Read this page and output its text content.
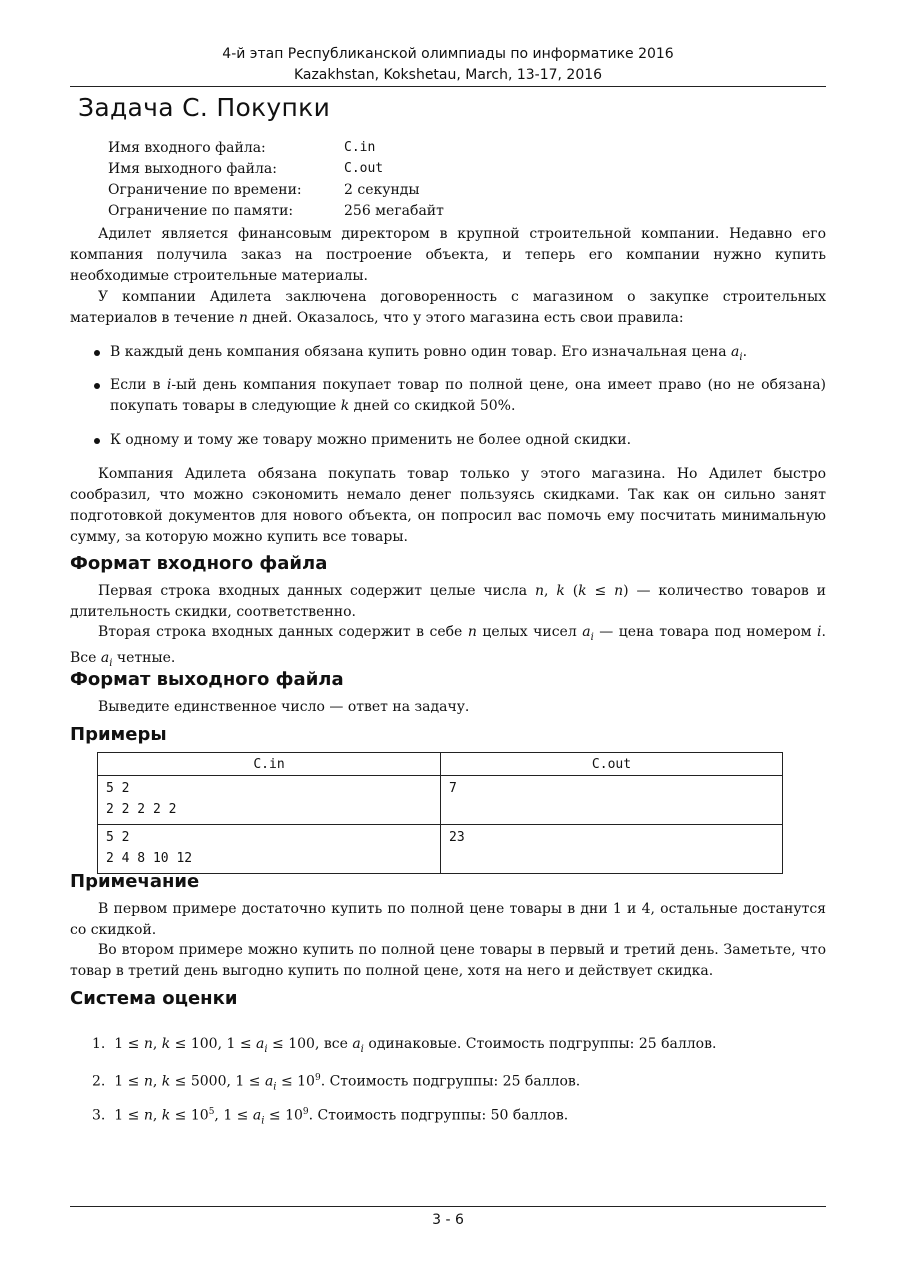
4-й этап Республиканской олимпиады по информатике 2016
Kazakhstan, Kokshetau, March, 13-17, 2016
Задача C. Покупки
Имя входного файла:	C.in
Имя выходного файла:	C.out
Ограничение по времени:	2 секунды
Ограничение по памяти:	256 мегабайт

Адилет является финансовым директором в крупной строительной компании. Недавно его компания получила заказ на построение объекта, и теперь его компании нужно купить необходимые строительные материалы.

У компании Адилета заключена договоренность с магазином о закупке строительных материалов в течение n дней. Оказалось, что у этого магазина есть свои правила:

В каждый день компания обязана купить ровно один товар. Его изначальная цена $a_i$.
Если в i-ый день компания покупает товар по полной цене, она имеет право (но не обязана) покупать товары в следующие k дней со скидкой 50%.
К одному и тому же товару можно применить не более одной скидки.

Компания Адилета обязана покупать товар только у этого магазина. Но Адилет быстро сообразил, что можно сэкономить немало денег пользуясь скидками. Так как он сильно занят подготовкой документов для нового объекта, он попросил вас помочь ему посчитать минимальную сумму, за которую можно купить все товары.

Формат входного файла

Первая строка входных данных содержит целые числа n, k (k ≤ n) — количество товаров и длительность скидки, соответственно.

Вторая строка входных данных содержит в себе n целых чисел $a_i$ — цена товара под номером i. Все $a_i$ четные.

Формат выходного файла

Выведите единственное число — ответ на задачу.

Примеры
C.in	C.out

5 2
2 2 2 2 2	7

5 2
2 4 8 10 12	23
Примечание

В первом примере достаточно купить по полной цене товары в дни 1 и 4, остальные достанутся со скидкой.

Во втором примере можно купить по полной цене товары в первый и третий день. Заметьте, что товар в третий день выгодно купить по полной цене, хотя на него и действует скидка.

Система оценки
1. 1 ≤ n, k ≤ 100, $1 \le a_i \le 100$, все $a_i$ одинаковые. Стоимость подгруппы: 25 баллов.
2. 1 ≤ n, k ≤ 5000, $1 \le a_i \le 10^9$. Стоимость подгруппы: 25 баллов.
3. 1 ≤ n, $k \le 10^5$, $1 \le a_i \le 10^9$. Стоимость подгруппы: 50 баллов.
3 - 6
